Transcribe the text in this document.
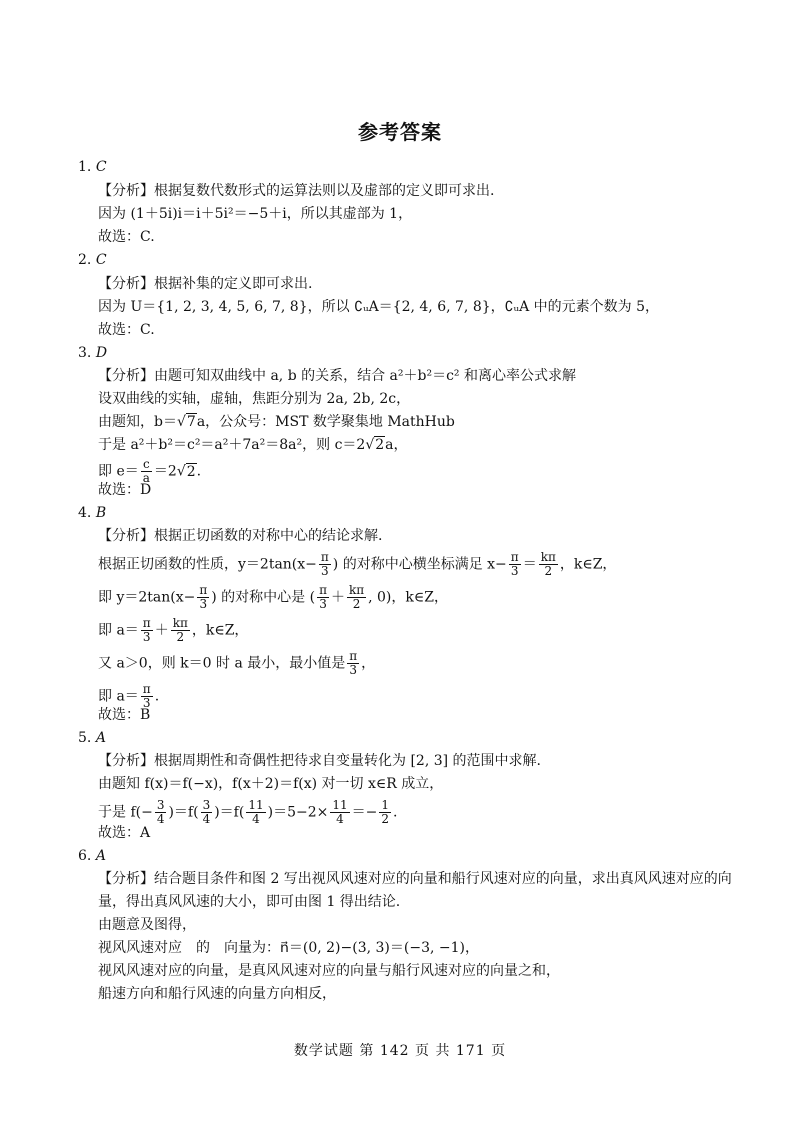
参考答案
1. C
【分析】根据复数代数形式的运算法则以及虚部的定义即可求出.
因为 (1＋5i)i＝i＋5i²＝−5＋i，所以其虚部为 1，
故选：C.
2. C
【分析】根据补集的定义即可求出.
因为 U＝{1, 2, 3, 4, 5, 6, 7, 8}，所以 ∁ᵤA＝{2, 4, 6, 7, 8}，∁ᵤA 中的元素个数为 5，
故选：C.
3. D
【分析】由题可知双曲线中 a, b 的关系，结合 a²＋b²＝c² 和离心率公式求解
设双曲线的实轴，虚轴，焦距分别为 2a, 2b, 2c，
由题知，b＝√7a，公众号：MST 数学聚集地 MathHub
于是 a²＋b²＝c²＝a²＋7a²＝8a²，则 c＝2√2a，
即 $e= \frac{c}{a} =2√2$.
故选：D
4. B
【分析】根据正切函数的对称中心的结论求解.
根据正切函数的性质，$y=2\tan(x- \frac{\pi}{3}$ ) 的对称中心横坐标满足 $x- \frac{\pi}{3} = \frac{k\pi}{2}$ ，k∈Z，
即 $y=2\tan(x- \frac{\pi}{3}$ ) 的对称中心是 ( $\frac{\pi}{3} + \frac{k\pi}{2}$ , 0)，k∈Z，
即 $a= \frac{\pi}{3} + \frac{k\pi}{2}$ ，k∈Z，
又 a＞0，则 k＝0 时 a 最小，最小值是 $\frac{\pi}{3}$ ，
即 $a= \frac{\pi}{3}$ .
故选：B
5. A
【分析】根据周期性和奇偶性把待求自变量转化为 [2, 3] 的范围中求解.
由题知 f(x)＝f(−x)，f(x＋2)＝f(x) 对一切 x∈R 成立，
于是 $f(- \frac{3}{4} )=f( \frac{3}{4} )=f( \frac{11}{4} )=5-2\times \frac{11}{4} =- \frac{1}{2}$ .
故选：A
6. A
【分析】结合题目条件和图 2 写出视风风速对应的向量和船行风速对应的向量，求出真风风速对应的向
量，得出真风风速的大小，即可由图 1 得出结论.
由题意及图得，
视风风速对应　的　向量为：n⃗＝(0, 2)−(3, 3)＝(−3, −1)，
视风风速对应的向量，是真风风速对应的向量与船行风速对应的向量之和，
船速方向和船行风速的向量方向相反，
数学试题 第 142 页 共 171 页
